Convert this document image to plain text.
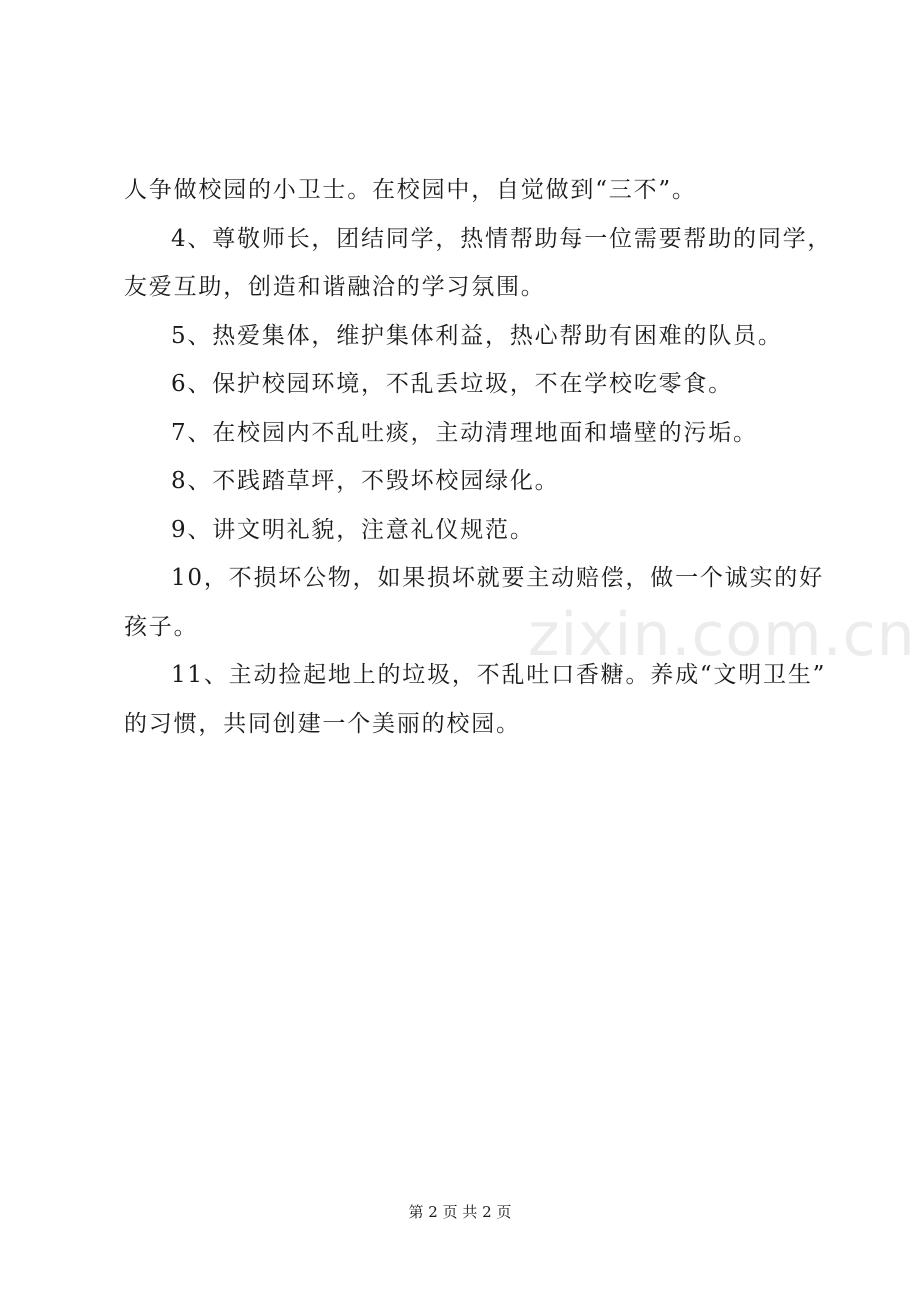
人争做校园的小卫士。在校园中，自觉做到“三不”。
4、尊敬师长，团结同学，热情帮助每一位需要帮助的同学，
友爱互助，创造和谐融洽的学习氛围。
5、热爱集体，维护集体利益，热心帮助有困难的队员。
6、保护校园环境，不乱丢垃圾，不在学校吃零食。
7、在校园内不乱吐痰，主动清理地面和墙壁的污垢。
8、不践踏草坪，不毁坏校园绿化。
9、讲文明礼貌，注意礼仪规范。
10，不损坏公物，如果损坏就要主动赔偿，做一个诚实的好
孩子。
11、主动捡起地上的垃圾，不乱吐口香糖。养成“文明卫生”
的习惯，共同创建一个美丽的校园。
zixin.com.cn
第 2 页 共 2 页
